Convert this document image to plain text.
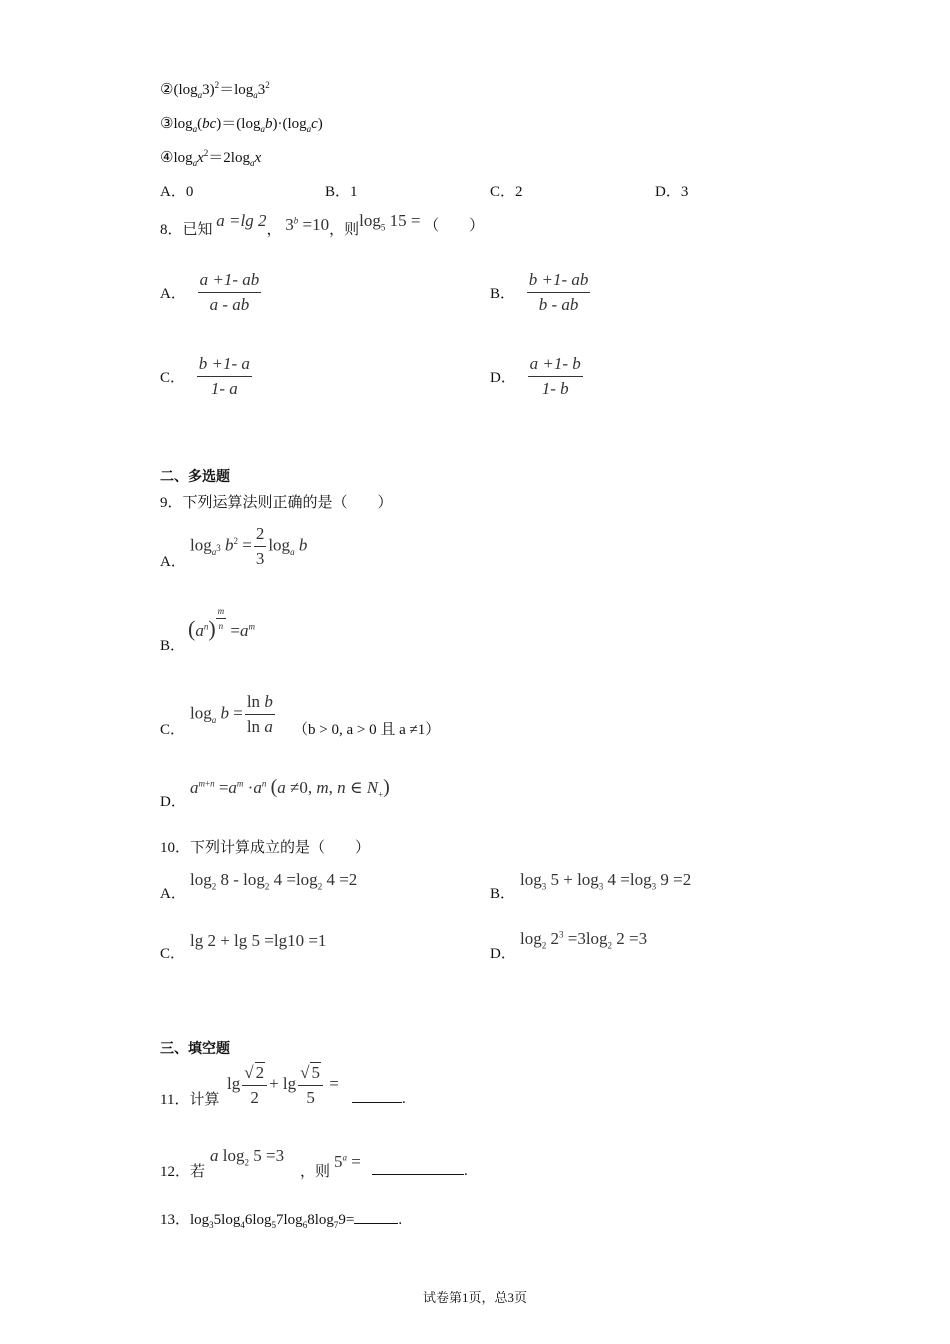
$②(\log_a3)^2=\log_a3^2$
$③\log_a(bc)=(\log_ab)\cdot(\log_ac)$
$④\log_ax^2=2\log_ax$
A．0	B．1	C．2	D．3
8．已知 a =lg 2， $3^b =10$，则$\log_5 15$ = （　　）
A． $\frac{a +1- ab}{a - ab}$	B． $\frac{b +1- ab}{b - ab}$
C． $\frac{b +1- a}{1- a}$	D． $\frac{a +1- b}{1- b}$
二、多选题
9．下列运算法则正确的是（　　）
A．
$\log_{a^3} b^2 = \frac{2}{3} \log_a b$
B．
$(a^n) \frac{m}{n} =a^m$
C．
$\log_a b = \frac{\text{ln b}}{\text{ln a}} (b > 0$, a > 0 且 a ≠1）
D．
$a^{m+n} =a^m \cdot a^n$ (a ≠0, m, n ∈ $N_+$)
10．下列计算成立的是（　　）
A．
$\log_2 8 - \log_2 4 =\log_2$ 4 =2
B．
$\log_3 5 + \log_3 4 =\log_3$ 9 =2
C．
lg 2 + lg 5 =lg10 =1
D．
$\log_2 2^3 =3\log_2$ 2 =3
三、填空题
11．计算
$\lg \frac{√ 2}{2} + \lg \frac{√ 5}{5}$ =
.
12．若
a $\log_2 5 =3$
，则
$5^a$ =	.
13．$\log_35\log_46\log_57\log_68\log_79=$	.
试卷第1页，总3页
